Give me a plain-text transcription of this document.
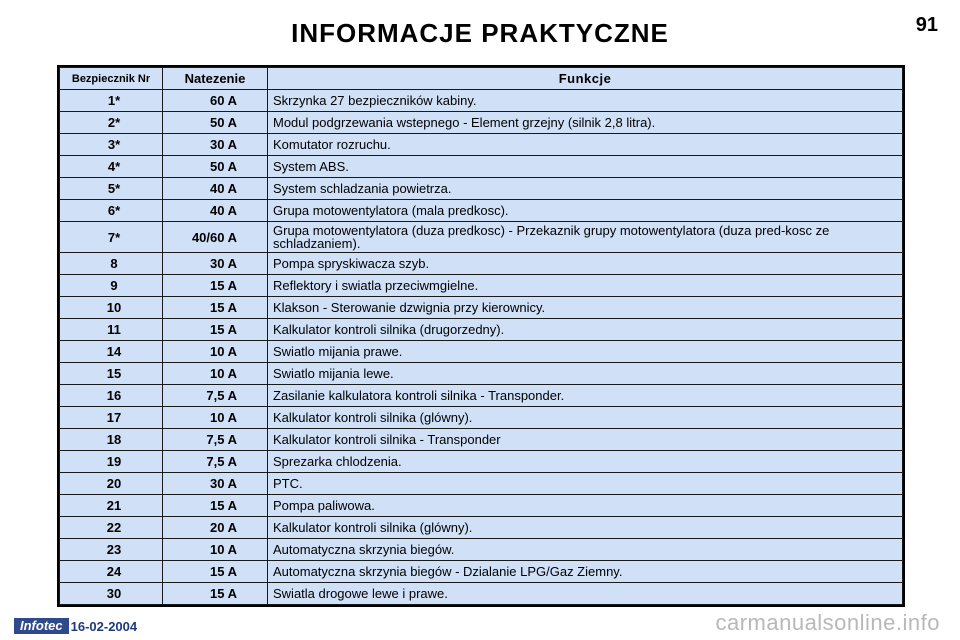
INFORMACJE PRAKTYCZNE	91
Bezpiecznik Nr	Natezenie	Funkcje
1*	60 A	Skrzynka 27 bezpieczników kabiny.
2*	50 A	Modul podgrzewania wstepnego - Element grzejny (silnik 2,8 litra).
3*	30 A	Komutator rozruchu.
4*	50 A	System ABS.
5*	40 A	System schladzania powietrza.
6*	40 A	Grupa motowentylatora (mala predkosc).
7*	40/60 A	Grupa motowentylatora (duza predkosc) - Przekaznik grupy motowentylatora (duza pred-kosc ze schladzaniem).
8	30 A	Pompa spryskiwacza szyb.
9	15 A	Reflektory i swiatla przeciwmgielne.
10	15 A	Klakson - Sterowanie dzwignia przy kierownicy.
11	15 A	Kalkulator kontroli silnika (drugorzedny).
14	10 A	Swiatlo mijania prawe.
15	10 A	Swiatlo mijania lewe.
16	7,5 A	Zasilanie kalkulatora kontroli silnika - Transponder.
17	10 A	Kalkulator kontroli silnika (glówny).
18	7,5 A	Kalkulator kontroli silnika - Transponder
19	7,5 A	Sprezarka chlodzenia.
20	30 A	PTC.
21	15 A	Pompa paliwowa.
22	20 A	Kalkulator kontroli silnika (glówny).
23	10 A	Automatyczna skrzynia biegów.
24	15 A	Automatyczna skrzynia biegów - Dzialanie LPG/Gaz Ziemny.
30	15 A	Swiatla drogowe lewe i prawe.
Infotec 16-02-2004	carmanualsonline.info
